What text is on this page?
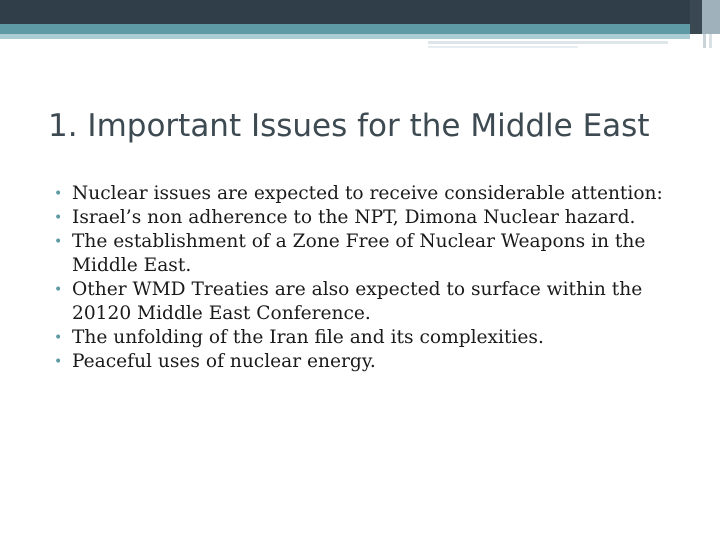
1. Important Issues for the Middle East
• Nuclear issues are expected to receive considerable attention:
• Israel’s non adherence to the NPT, Dimona Nuclear hazard.
• The establishment of a Zone Free of Nuclear Weapons in the Middle East.
• Other WMD Treaties are also expected to surface within the 20120 Middle East Conference.
• The unfolding of the Iran file and its complexities.
• Peaceful uses of nuclear energy.
